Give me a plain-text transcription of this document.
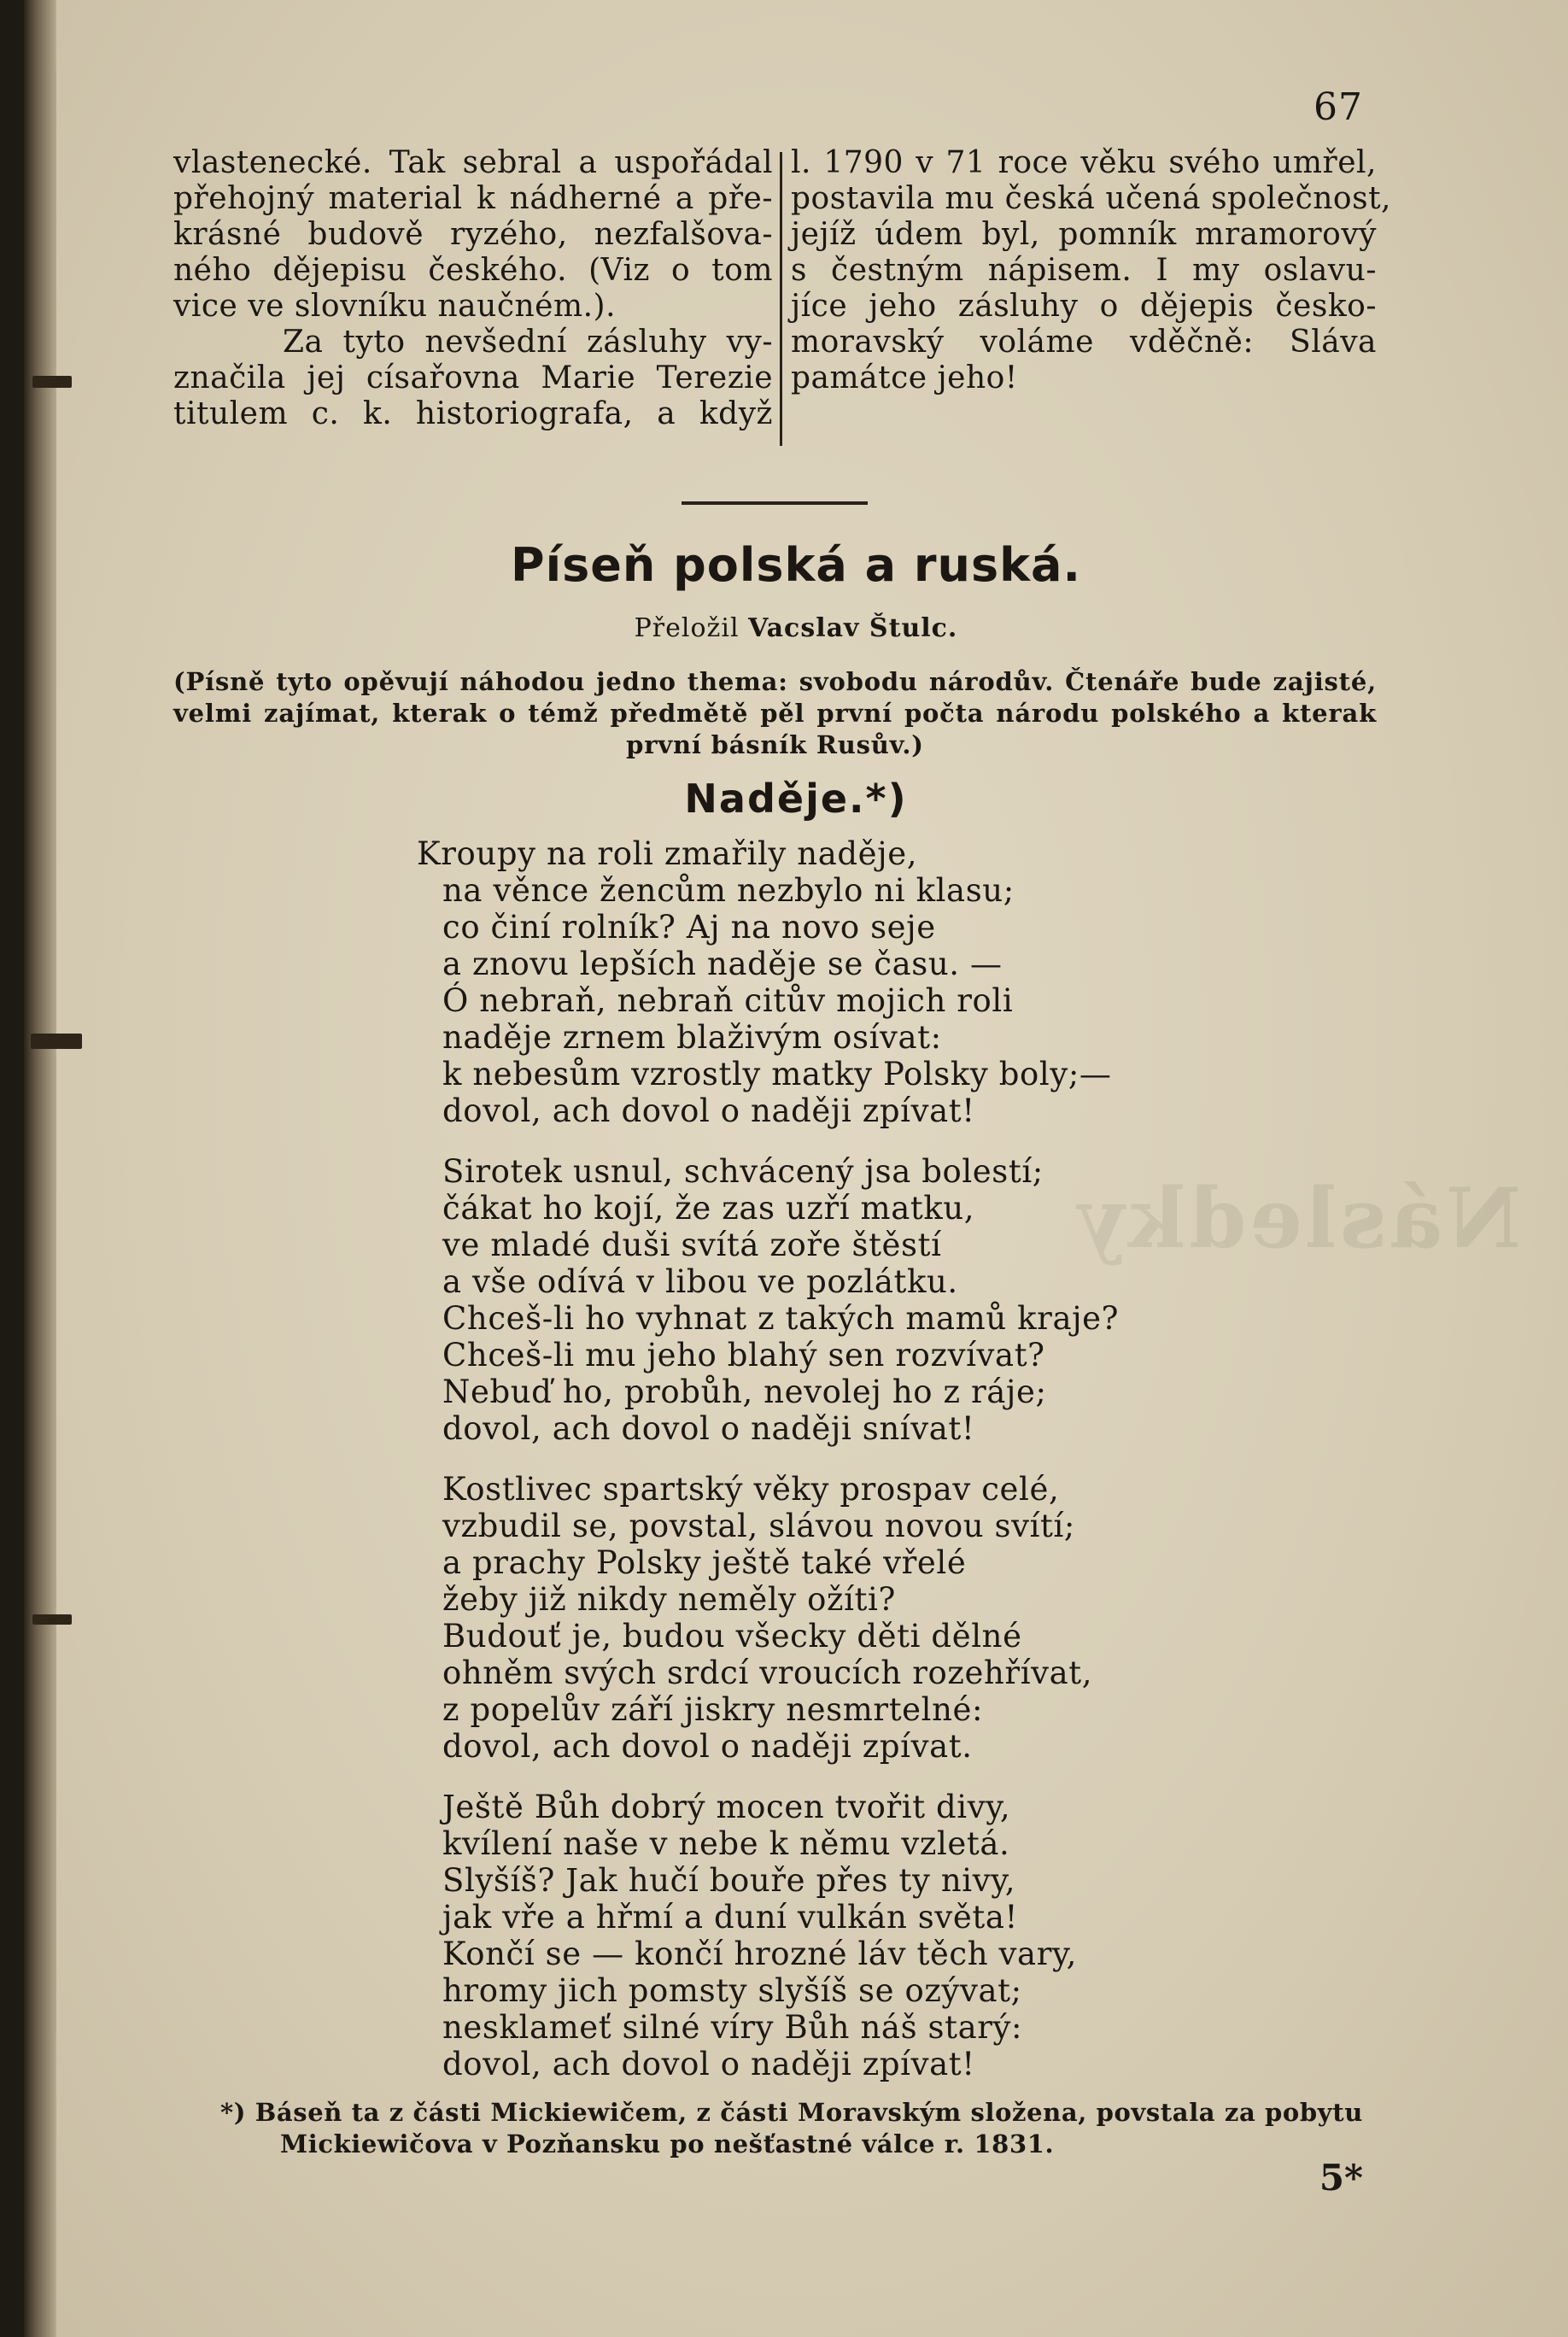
Následky
67
vlastenecké. Tak sebral a uspořádal
přehojný material k nádherné a pře-
krásné budově ryzého, nezfalšova-
ného dějepisu českého. (Viz o tom
vice ve slovníku naučném.).
Za tyto nevšední zásluhy vy-
značila jej císařovna Marie Terezie
titulem c. k. historiografa, a když
l. 1790 v 71 roce věku svého umřel,
postavila mu česká učená společnost,
jejíž údem byl, pomník mramorový
s čestným nápisem. I my oslavu-
jíce jeho zásluhy o dějepis česko-
moravský voláme vděčně: Sláva
památce jeho!
Píseň polská a ruská.
Přeložil Vacslav Štulc.
(Písně tyto opěvují náhodou jedno thema: svobodu národův. Čtenáře bude zajisté,
velmi zajímat, kterak o témž předmětě pěl první počta národu polského a kterak
první básník Rusův.)
Naděje.*)
Kroupy na roli zmařily naděje,
na věnce žencům nezbylo ni klasu;
co činí rolník? Aj na novo seje
a znovu lepších naděje se času. —
Ó nebraň, nebraň citův mojich roli
naděje zrnem blaživým osívat:
k nebesům vzrostly matky Polsky boly;—
dovol, ach dovol o naději zpívat!
Sirotek usnul, schvácený jsa bolestí;
čákat ho kojí, že zas uzří matku,
ve mladé duši svítá zoře štěstí
a vše odívá v libou ve pozlátku.
Chceš-li ho vyhnat z takých mamů kraje?
Chceš-li mu jeho blahý sen rozvívat?
Nebuď ho, probůh, nevolej ho z ráje;
dovol, ach dovol o naději snívat!
Kostlivec spartský věky prospav celé,
vzbudil se, povstal, slávou novou svítí;
a prachy Polsky ještě také vřelé
žeby již nikdy neměly ožíti?
Budouť je, budou všecky děti dělné
ohněm svých srdcí vroucích rozehřívat,
z popelův září jiskry nesmrtelné:
dovol, ach dovol o naději zpívat.
Ještě Bůh dobrý mocen tvořit divy,
kvílení naše v nebe k němu vzletá.
Slyšíš? Jak hučí bouře přes ty nivy,
jak vře a hřmí a duní vulkán světa!
Končí se — končí hrozné láv těch vary,
hromy jich pomsty slyšíš se ozývat;
nesklameť silné víry Bůh náš starý:
dovol, ach dovol o naději zpívat!
*) Báseň ta z části Mickiewičem, z části Moravským složena, povstala za pobytu
Mickiewičova v Pozňansku po nešťastné válce r. 1831.
5*
